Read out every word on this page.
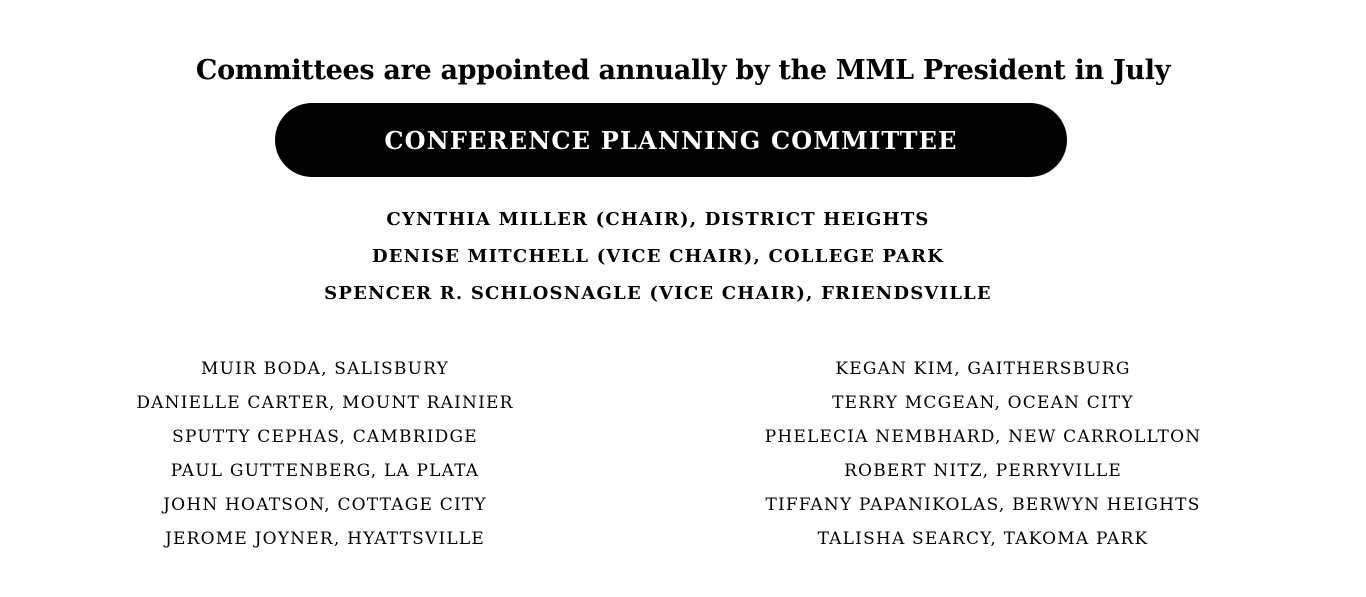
Committees are appointed annually by the MML President in July
CONFERENCE PLANNING COMMITTEE
CYNTHIA MILLER (CHAIR), DISTRICT HEIGHTS
DENISE MITCHELL (VICE CHAIR), COLLEGE PARK
SPENCER R. SCHLOSNAGLE (VICE CHAIR), FRIENDSVILLE
MUIR BODA, SALISBURY
DANIELLE CARTER, MOUNT RAINIER
SPUTTY CEPHAS, CAMBRIDGE
PAUL GUTTENBERG, LA PLATA
JOHN HOATSON, COTTAGE CITY
JEROME JOYNER, HYATTSVILLE
KEGAN KIM, GAITHERSBURG
TERRY MCGEAN, OCEAN CITY
PHELECIA NEMBHARD, NEW CARROLLTON
ROBERT NITZ, PERRYVILLE
TIFFANY PAPANIKOLAS, BERWYN HEIGHTS
TALISHA SEARCY, TAKOMA PARK
